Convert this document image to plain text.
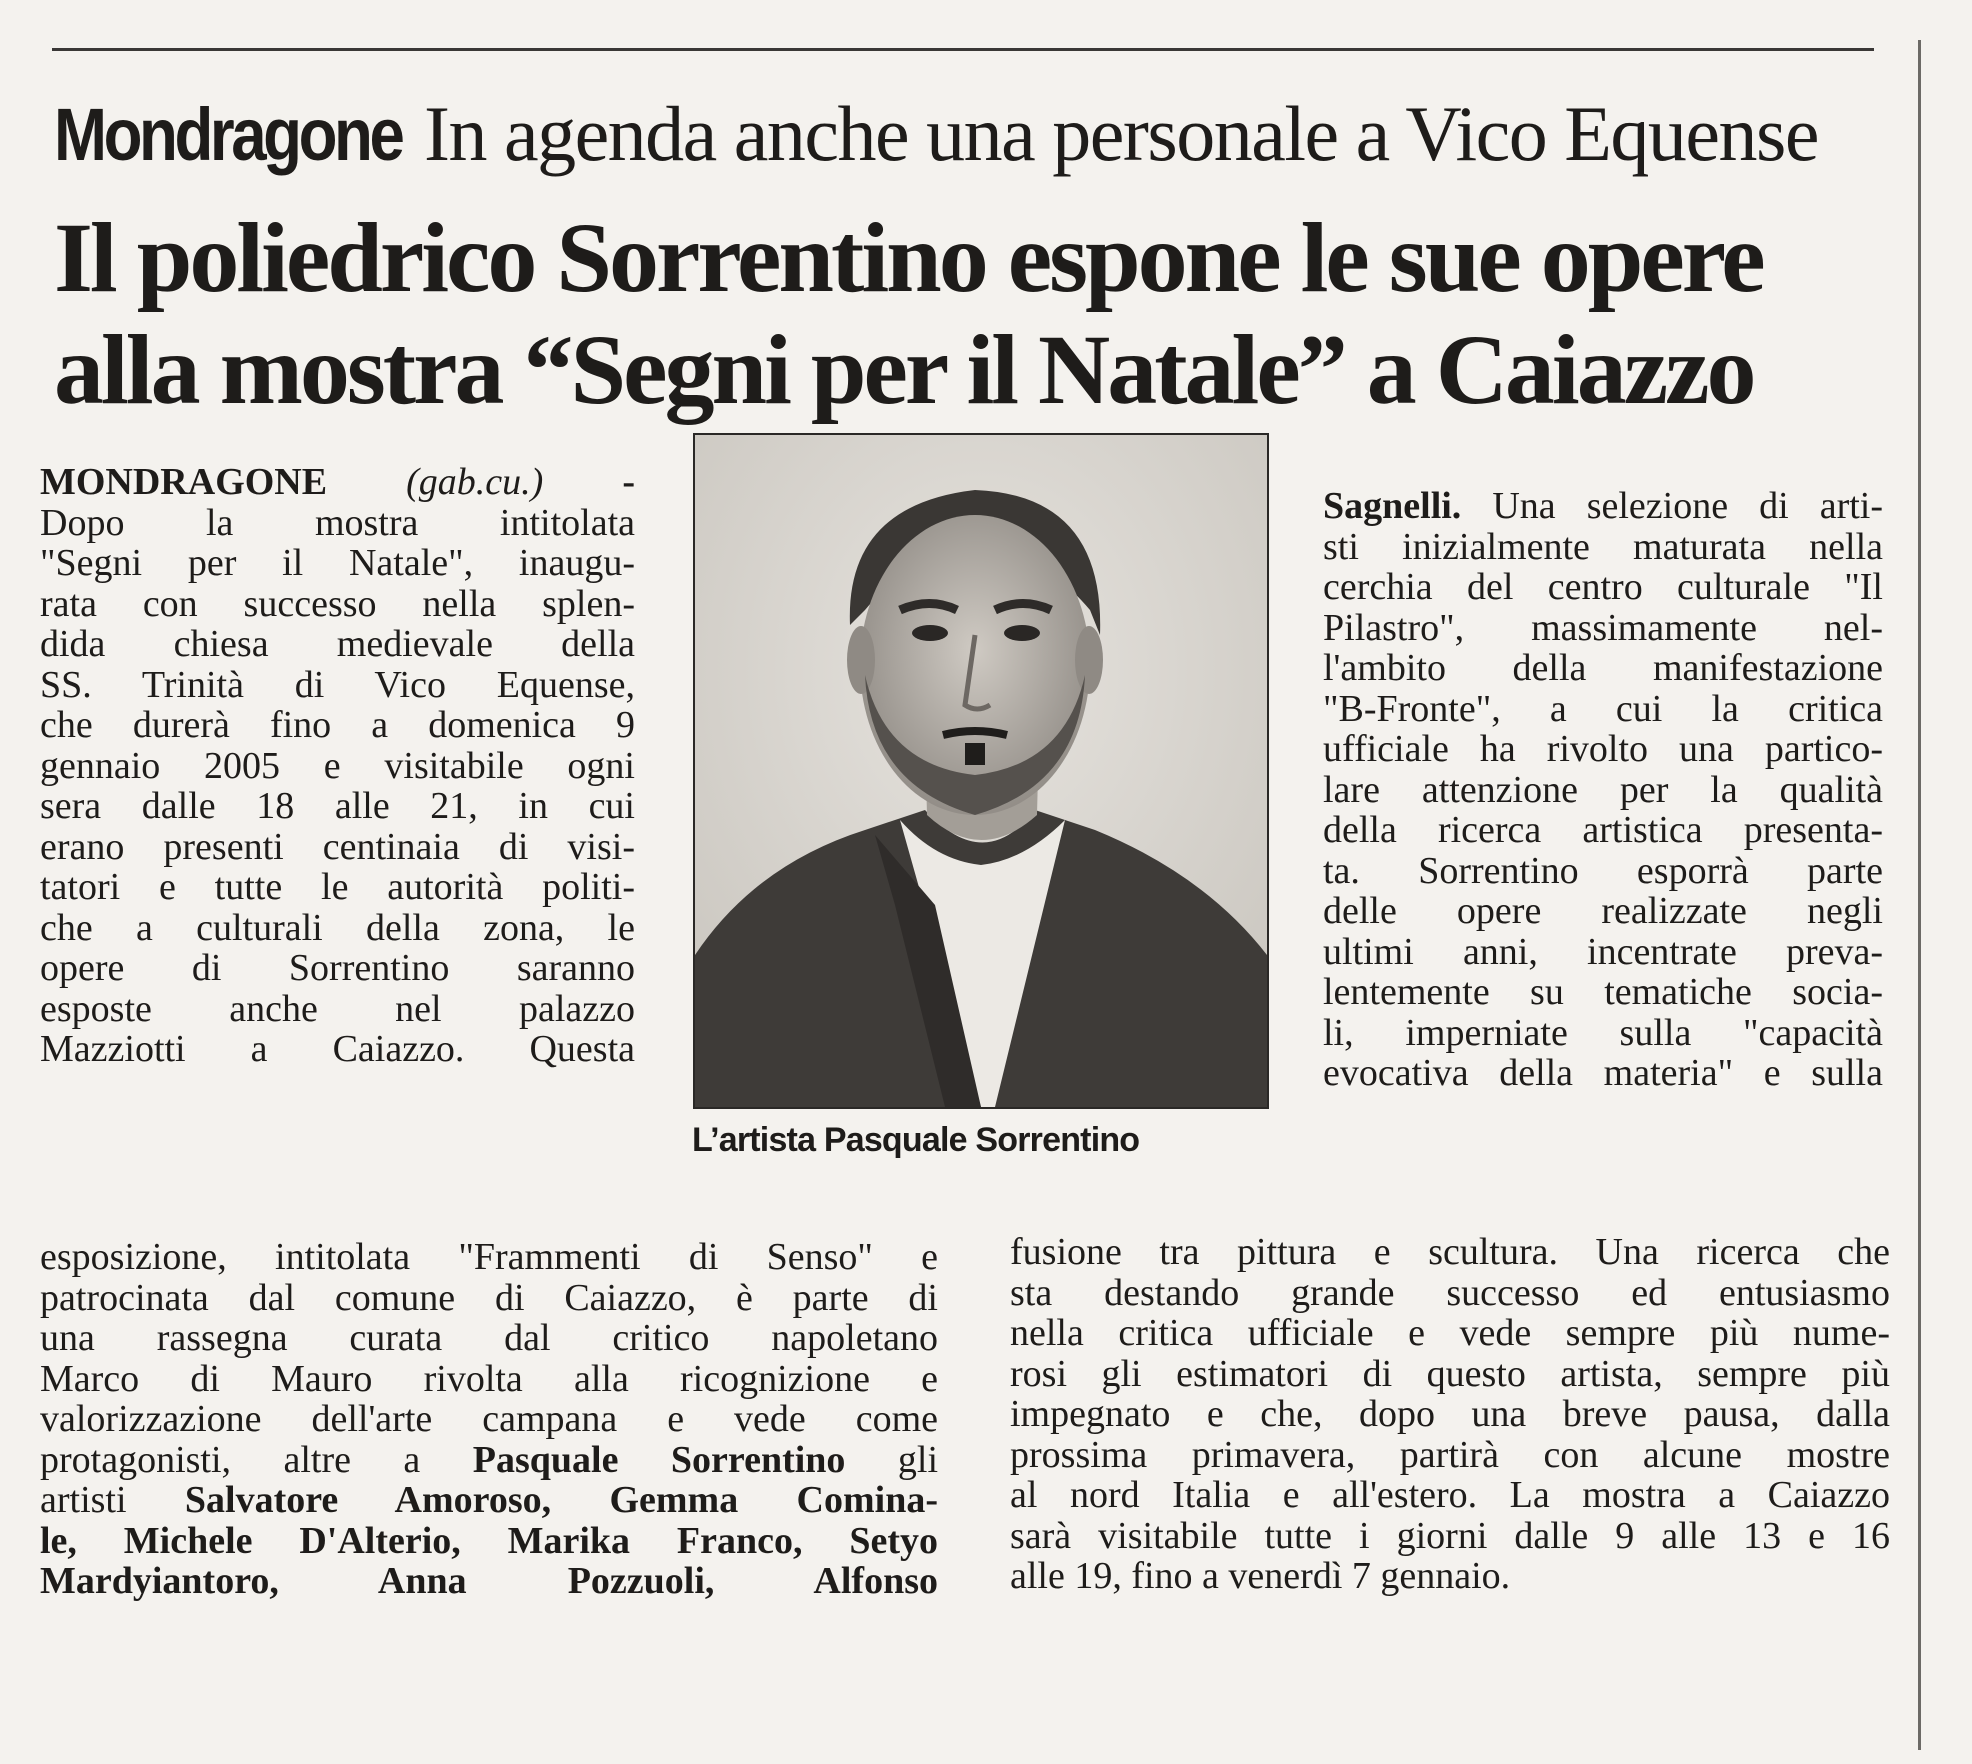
Mondragone In agenda anche una personale a Vico Equense
Il poliedrico Sorrentino espone le sue opere
alla mostra “Segni per il Natale” a Caiazzo
L’artista Pasquale Sorrentino

MONDRAGONE (gab.cu.) -

Dopo la mostra intitolata

"Segni per il Natale", inaugu-

rata con successo nella splen-

dida chiesa medievale della

SS. Trinità di Vico Equense,

che durerà fino a domenica 9

gennaio 2005 e visitabile ogni

sera dalle 18 alle 21, in cui

erano presenti centinaia di visi-

tatori e tutte le autorità politi-

che a culturali della zona, le

opere di Sorrentino saranno

esposte anche nel palazzo

Mazziotti a Caiazzo. Questa

esposizione, intitolata "Frammenti di Senso" e

patrocinata dal comune di Caiazzo, è parte di

una rassegna curata dal critico napoletano

Marco di Mauro rivolta alla ricognizione e

valorizzazione dell'arte campana e vede come

protagonisti, altre a Pasquale Sorrentino gli

artisti Salvatore Amoroso, Gemma Cominа-

le, Michele D'Alterio, Marika Franco, Setyo

Mardyiantoro, Anna Pozzuoli, Alfonso

Sagnelli. Una selezione di arti-

sti inizialmente maturata nella

cerchia del centro culturale "Il

Pilastro", massimamente nel-

l'ambito della manifestazione

"B-Fronte", a cui la critica

ufficiale ha rivolto una partico-

lare attenzione per la qualità

della ricerca artistica presenta-

ta. Sorrentino esporrà parte

delle opere realizzate negli

ultimi anni, incentrate preva-

lentemente su tematiche socia-

li, imperniate sulla "capacità

evocativa della materia" e sulla

fusione tra pittura e scultura. Una ricerca che

sta destando grande successo ed entusiasmo

nella critica ufficiale e vede sempre più nume-

rosi gli estimatori di questo artista, sempre più

impegnato e che, dopo una breve pausa, dalla

prossima primavera, partirà con alcune mostre

al nord Italia e all'estero. La mostra a Caiazzo

sarà visitabile tutte i giorni dalle 9 alle 13 e 16

alle 19, fino a venerdì 7 gennaio.
